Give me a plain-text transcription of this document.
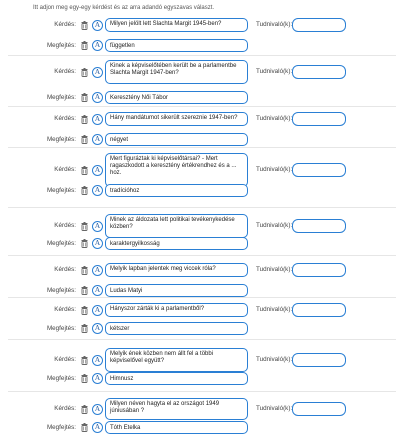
Itt adjon meg egy-egy kérdést és az arra adandó egyszavas választ.
Kérdés:	A	Milyen jelölt lett Slachta Margit 1945-ben?	Tudnivaló(k):
Megfejtés:	A	független
Kérdés:	A
Kinek a képviselőtében került be a parlamentbe Slachta Margit 1947-ben?	Tudnivaló(k):
Megfejtés:	A	Keresztény Női Tábor
Kérdés:	A	Hány mandátumot sikerült szereznie 1947-ben?	Tudnivaló(k):
Megfejtés:	A	négyet
Kérdés:	A
Mert figuráztak ki képviselőtársai? - Mert ragaszkodott a keresztény értékrendhez és a ... hoz.
Tudnivaló(k):
Megfejtés:	A	tradícióhoz
Kérdés:	A
Minek az áldozata lett politikai tevékenykedése közben?	Tudnivaló(k):
Megfejtés:	A	karaktergyilkosság
Kérdés:	A	Melyik lapban jelentek meg viccek róla?	Tudnivaló(k):
Megfejtés:	A	Ludas Matyi
Kérdés:	A	Hányszor zárták ki a parlamentből?	Tudnivaló(k):
Megfejtés:	A	kétszer
Kérdés:	A
Melyik ének közben nem állt fel a többi képviselővel együtt?	Tudnivaló(k):
Megfejtés:	A	Himnusz
Kérdés:	A	Milyen néven hagyta el az országot 1949 júniusában ?	Tudnivaló(k):
Megfejtés:	A	Tóth Etelka
